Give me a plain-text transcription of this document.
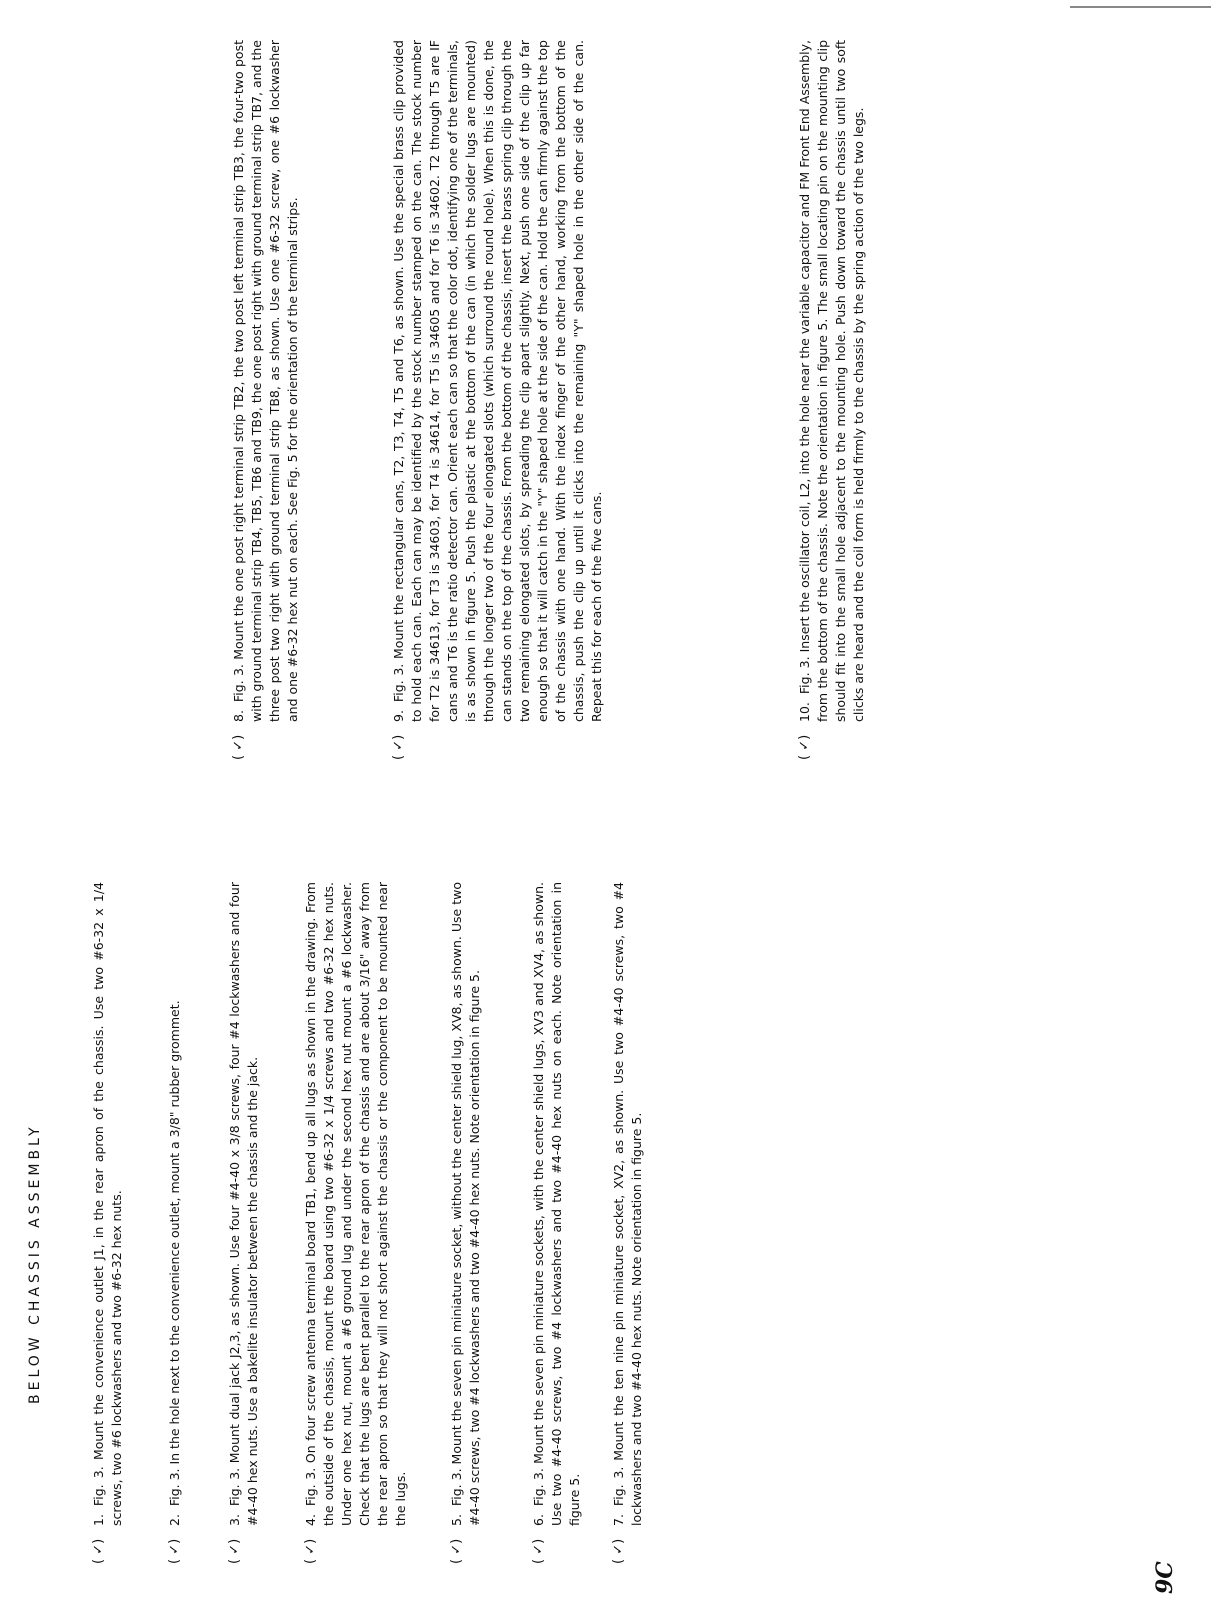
BELOW CHASSIS ASSEMBLY
( ✓)
1.Fig. 3. Mount the convenience outlet J1, in the rear apron of the chassis. Use two #6-32 x 1/4 screws, two #6 lockwashers and two #6-32 hex nuts.
( ✓)
2.Fig. 3. In the hole next to the convenience outlet, mount a 3/8" rubber grommet.
( ✓)
3.Fig. 3. Mount dual jack J2,3, as shown. Use four #4-40 x 3/8 screws, four #4 lockwashers and four #4-40 hex nuts. Use a bakelite insulator between the chassis and the jack.
( ✓)
4.Fig. 3. On four screw antenna terminal board TB1, bend up all lugs as shown in the drawing. From the outside of the chassis, mount the board using two #6-32 x 1/4 screws and two #6-32 hex nuts. Under one hex nut, mount a #6 ground lug and under the second hex nut mount a #6 lockwasher. Check that the lugs are bent parallel to the rear apron of the chassis and are about 3/16" away from the rear apron so that they will not short against the chassis or the component to be mounted near the lugs.
( ✓)
5.Fig. 3. Mount the seven pin miniature socket, without the center shield lug, XV8, as shown. Use two #4-40 screws, two #4 lockwashers and two #4-40 hex nuts. Note orientation in figure 5.
( ✓)
6.Fig. 3. Mount the seven pin miniature sockets, with the center shield lugs, XV3 and XV4, as shown. Use two #4-40 screws, two #4 lockwashers and two #4-40 hex nuts on each. Note orientation in figure 5.
( ✓)
7.Fig. 3. Mount the ten nine pin miniature socket, XV2, as shown. Use two #4-40 screws, two #4 lockwashers and two #4-40 hex nuts. Note orientation in figure 5.
( ✓)
8.Fig. 3. Mount the one post right terminal strip TB2, the two post left terminal strip TB3, the four-two post with ground terminal strip TB4, TB5, TB6 and TB9, the one post right with ground terminal strip TB7, and the three post two right with ground terminal strip TB8, as shown. Use one #6-32 screw, one #6 lockwasher and one #6-32 hex nut on each. See Fig. 5 for the orientation of the terminal strips.
( ✓)
9.Fig. 3. Mount the rectangular cans, T2, T3, T4, T5 and T6, as shown. Use the special brass clip provided to hold each can. Each can may be identified by the stock number stamped on the can. The stock number for T2 is 34613, for T3 is 34603, for T4 is 34614, for T5 is 34605 and for T6 is 34602. T2 through T5 are IF cans and T6 is the ratio detector can. Orient each can so that the color dot, identifying one of the terminals, is as shown in figure 5. Push the plastic at the bottom of the can (in which the solder lugs are mounted) through the longer two of the four elongated slots (which surround the round hole). When this is done, the can stands on the top of the chassis. From the bottom of the chassis, insert the brass spring clip through the two remaining elongated slots, by spreading the clip apart slightly. Next, push one side of the clip up far enough so that it will catch in the "Y" shaped hole at the side of the can. Hold the can firmly against the top of the chassis with one hand. With the index finger of the other hand, working from the bottom of the chassis, push the clip up until it clicks into the remaining "Y" shaped hole in the other side of the can. Repeat this for each of the five cans.
( ✓)
10.Fig. 3. Insert the oscillator coil, L2, into the hole near the variable capacitor and FM Front End Assembly, from the bottom of the chassis. Note the orientation in figure 5. The small locating pin on the mounting clip should fit into the small hole adjacent to the mounting hole. Push down toward the chassis until two soft clicks are heard and the coil form is held firmly to the chassis by the spring action of the two legs.
9C
